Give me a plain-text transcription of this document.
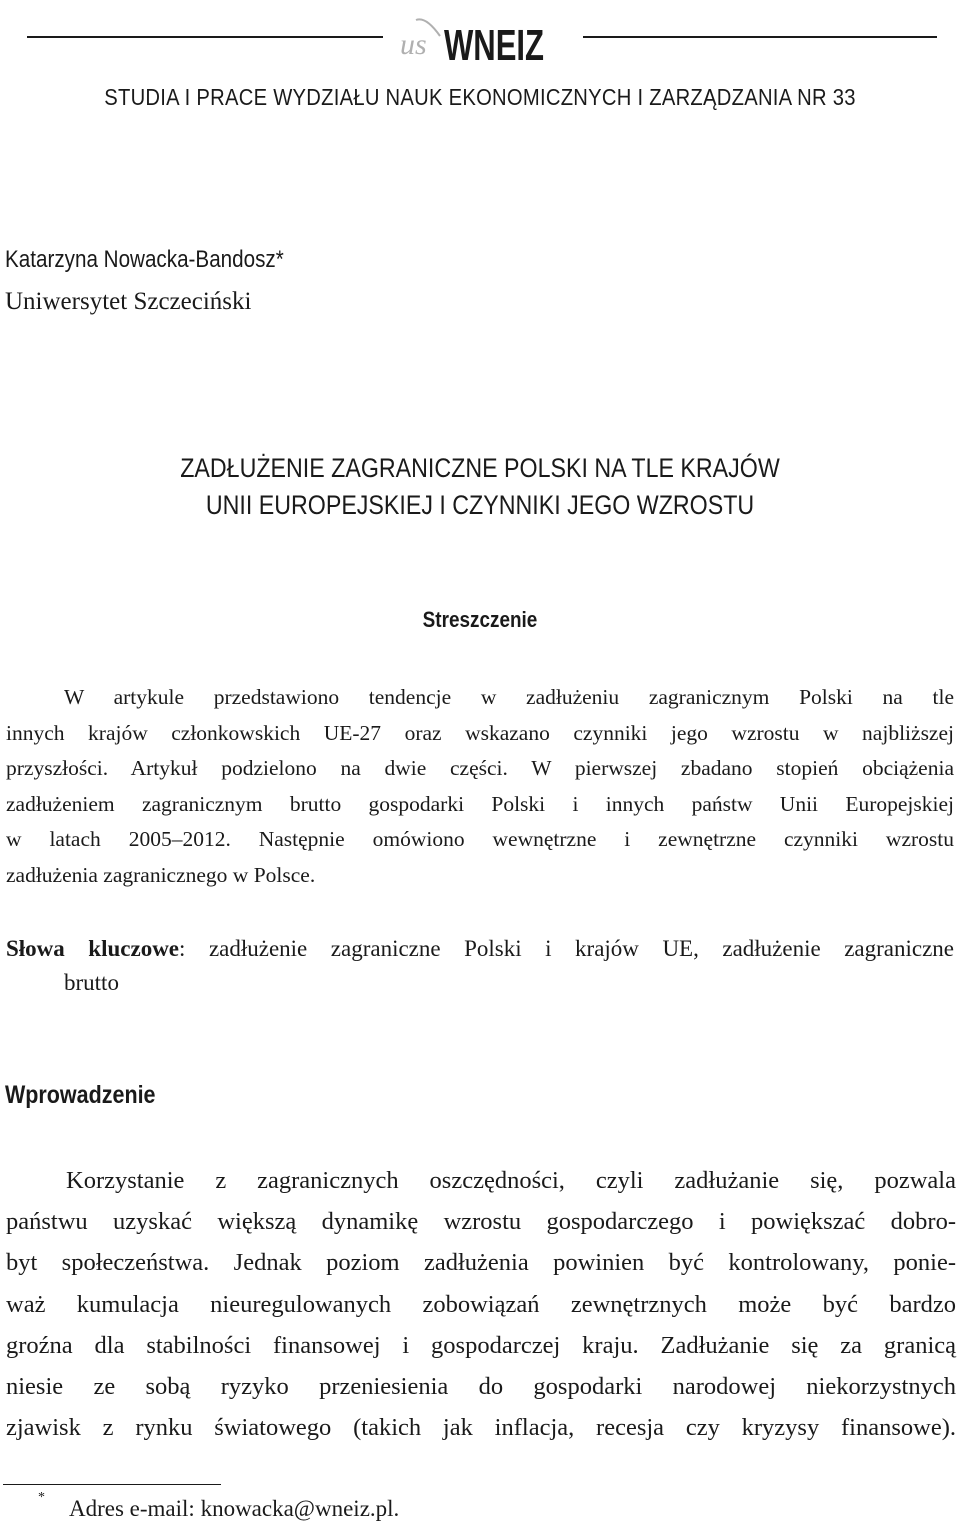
us WNEIZ
STUDIA I PRACE WYDZIAŁU NAUK EKONOMICZNYCH I ZARZĄDZANIA NR 33
Katarzyna Nowacka-Bandosz*
Uniwersytet Szczeciński
ZADŁUŻENIE ZAGRANICZNE POLSKI NA TLE KRAJÓW
UNII EUROPEJSKIEJ I CZYNNIKI JEGO WZROSTU
Streszczenie
W artykule przedstawiono tendencje w zadłużeniu zagranicznym Polski na tle
innych krajów członkowskich UE-27 oraz wskazano czynniki jego wzrostu w najbliższej
przyszłości. Artykuł podzielono na dwie części. W pierwszej zbadano stopień obciążenia
zadłużeniem zagranicznym brutto gospodarki Polski i innych państw Unii Europejskiej
w latach 2005–2012. Następnie omówiono wewnętrzne i zewnętrzne czynniki wzrostu
zadłużenia zagranicznego w Polsce.
Słowa kluczowe: zadłużenie zagraniczne Polski i krajów UE, zadłużenie zagraniczne
brutto
Wprowadzenie
Korzystanie z zagranicznych oszczędności, czyli zadłużanie się, pozwala
państwu uzyskać większą dynamikę wzrostu gospodarczego i powiększać dobro-
byt społeczeństwa. Jednak poziom zadłużenia powinien być kontrolowany, ponie-
waż kumulacja nieuregulowanych zobowiązań zewnętrznych może być bardzo
groźna dla stabilności finansowej i gospodarczej kraju. Zadłużanie się za granicą
niesie ze sobą ryzyko przeniesienia do gospodarki narodowej niekorzystnych
zjawisk z rynku światowego (takich jak inflacja, recesja czy kryzysy finansowe).
* Adres e-mail: knowacka@wneiz.pl.
